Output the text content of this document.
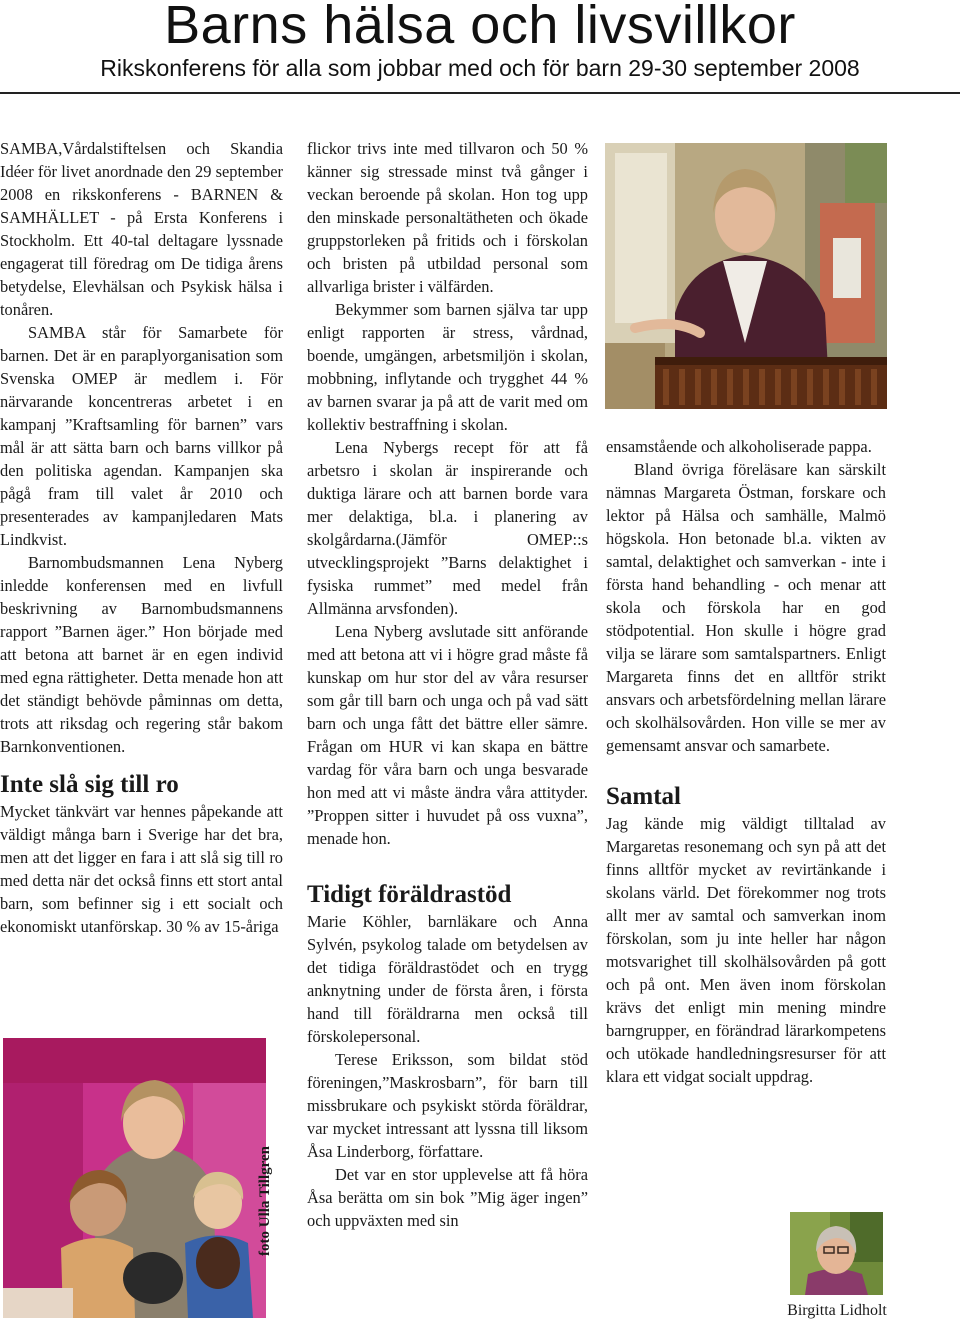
Barns hälsa och livsvillkor
Rikskonferens för alla som jobbar med och för barn 29-30 september 2008

SAMBA,Vårdalstiftelsen och Skandia Idéer för livet anordnade den 29 september 2008 en rikskonferens - BARNEN & SAMHÄLLET - på Ersta Konferens i Stockholm. Ett 40-tal deltagare lyssnade engagerat till föredrag om De tidiga årens betydelse, Elevhälsan och Psykisk hälsa i tonåren.

SAMBA står för Samarbete för barnen. Det är en paraplyorganisation som Svenska OMEP är medlem i. För närvarande koncentreras arbetet i en kampanj ”Kraftsamling för barnen” vars mål är att sätta barn och barns villkor på den politiska agendan. Kampanjen ska pågå fram till valet år 2010 och presenterades av kampanjledaren Mats Lindkvist.

Barnombudsmannen Lena Nyberg inledde konferensen med en livfull beskrivning av Barnombudsmannens rapport ”Barnen äger.” Hon började med att betona att barnet är en egen individ med egna rättigheter. Detta menade hon att det ständigt behövde påminnas om detta, trots att riksdag och regering står bakom Barnkonventionen.

Inte slå sig till ro

Mycket tänkvärt var hennes påpekande att väldigt många barn i Sverige har det bra, men att det ligger en fara i att slå sig till ro med detta när det också finns ett stort antal barn, som befinner sig i ett socialt och ekonomiskt utanförskap. 30 % av 15-åriga

flickor trivs inte med tillvaron och 50 % känner sig stressade minst två gånger i veckan beroende på skolan. Hon tog upp den minskade personaltätheten och ökade gruppstorleken på fritids och i förskolan och bristen på utbildad personal som allvarliga brister i välfärden.

Bekymmer som barnen själva tar upp enligt rapporten är stress, vårdnad, boende, umgängen, arbetsmiljön i skolan, mobbning, inflytande och trygghet 44 % av barnen svarar ja på att de varit med om kollektiv bestraffning i skolan.

Lena Nybergs recept för att få arbetsro i skolan är inspirerande och duktiga lärare och att barnen borde vara mer delaktiga, bl.a. i planering av skolgårdarna.(Jämför OMEP::s utvecklingsprojekt ”Barns delaktighet i fysiska rummet” med medel från Allmänna arvsfonden).

Lena Nyberg avslutade sitt anförande med att betona att vi i högre grad måste få kunskap om hur stor del av våra resurser som går till barn och unga och på vad sätt barn och unga fått det bättre eller sämre. Frågan om HUR vi kan skapa en bättre vardag för våra barn och unga besvarade hon med att vi måste ändra våra attityder. ”Proppen sitter i huvudet på oss vuxna”, menade hon.

Tidigt föräldrastöd

Marie Köhler, barnläkare och Anna Sylvén, psykolog talade om betydelsen av det tidiga föräldrastödet och en trygg anknytning under de första åren, i första hand till föräldrarna men också till förskolepersonal.

Terese Eriksson, som bildat stöd föreningen,”Maskrosbarn”, för barn till missbrukare och psykiskt störda föräldrar, var mycket intressant att lyssna till liksom Åsa Linderborg, författare.

Det var en stor upplevelse att få höra Åsa berätta om sin bok ”Mig äger ingen” och uppväxten med sin

ensamstående och alkoholiserade pappa.

Bland övriga föreläsare kan särskilt nämnas Margareta Östman, forskare och lektor på Hälsa och samhälle, Malmö högskola. Hon betonade bl.a. vikten av samtal, delaktighet och samverkan - inte i första hand behandling - och menar att skola och förskola har en god stödpotential. Hon skulle i högre grad vilja se lärare som samtalspartners. Enligt Margareta finns det en alltför strikt ansvars och arbetsfördelning mellan lärare och skolhälsovården. Hon ville se mer av gemensamt ansvar och samarbete.

Samtal

Jag kände mig väldigt tilltalad av Margaretas resonemang och syn på att det finns alltför mycket av revirtänkande i skolans värld. Det förekommer nog trots allt mer av samtal och samverkan inom förskolan, som ju inte heller har någon motsvarighet till skolhälsovården på gott och på ont. Men även inom förskolan krävs det enligt min mening mindre barngrupper, en förändrad lärarkompetens och utökade handledningsresurser för att klara ett vidgat socialt uppdrag.

foto Ulla Tillgren
Birgitta Lidholt
